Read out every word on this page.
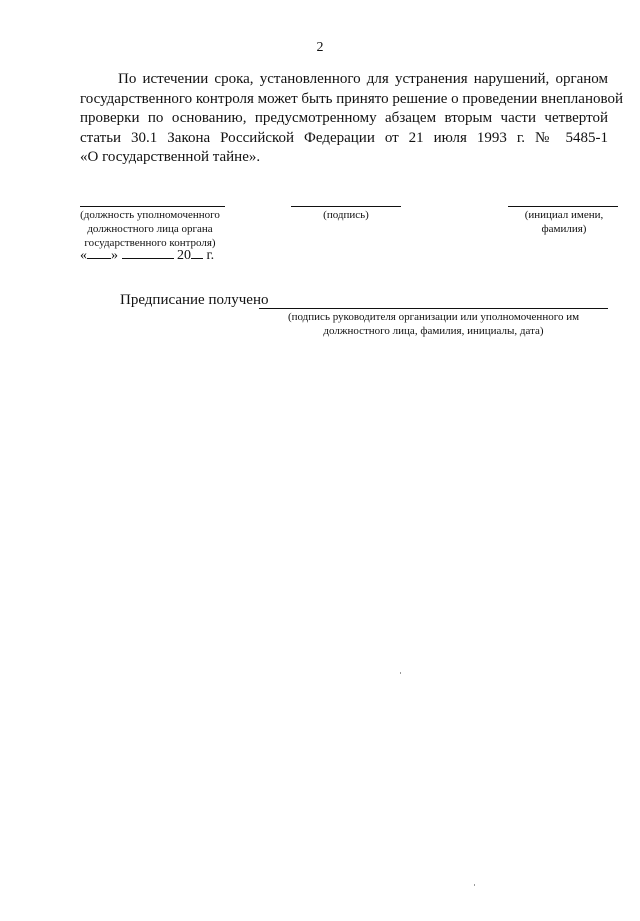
2
По истечении срока, установленного для устранения нарушений, органом
государственного контроля может быть принято решение о проведении внеплановой
проверки по основанию, предусмотренному абзацем вторым части четвертой
статьи 30.1 Закона Российской Федерации от 21 июля 1993 г. № 5485-1
«О государственной тайне».
(должность уполномоченного
должностного лица органа
государственного контроля)
(подпись)	(инициал имени,
фамилия)
« »	20 г.
Предписание получено
(подпись руководителя организации или уполномоченного им
должностного лица, фамилия, инициалы, дата)
